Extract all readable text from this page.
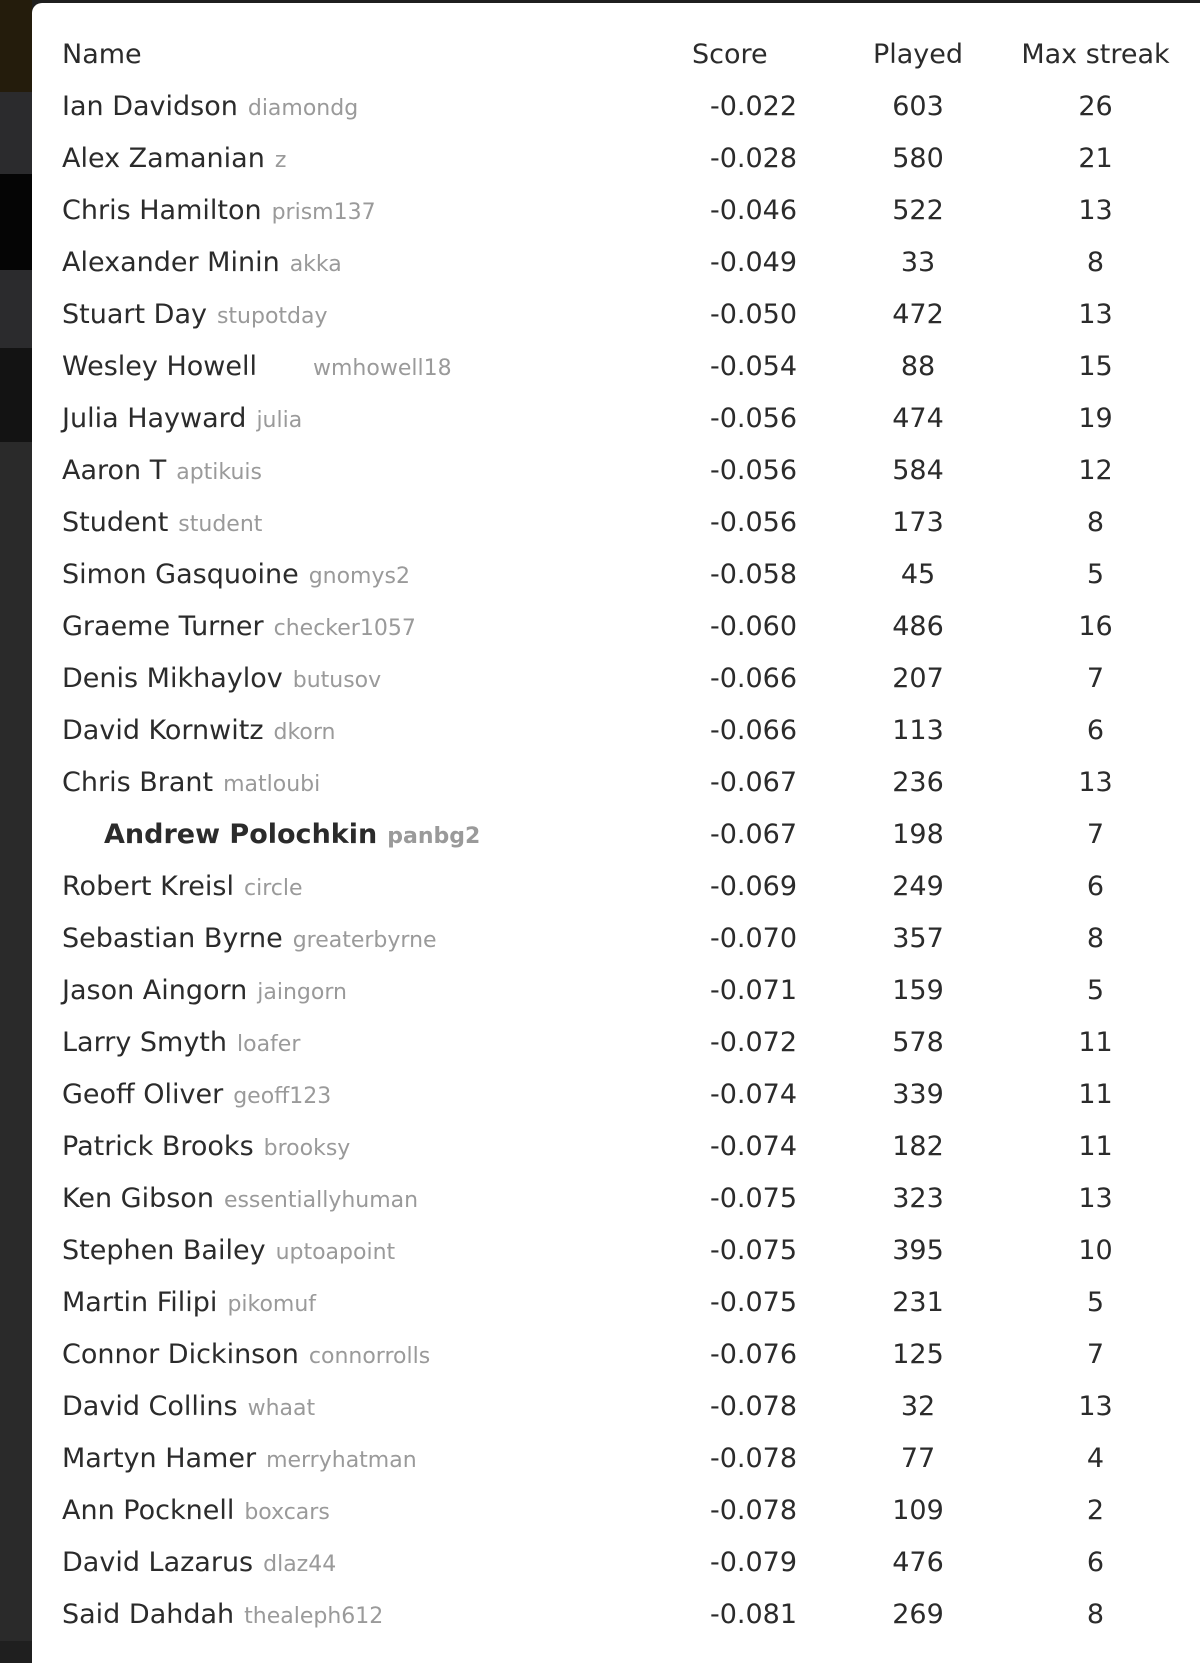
Name	Score	Played	Max streak
Ian Davidson diamondg	-0.022	603	26
Alex Zamanian z	-0.028	580	21
Chris Hamilton prism137	-0.046	522	13
Alexander Minin akka	-0.049	33	8
Stuart Day stupotday	-0.050	472	13
Wesley Howell wmhowell18	-0.054	88	15
Julia Hayward julia	-0.056	474	19
Aaron T aptikuis	-0.056	584	12
Student student	-0.056	173	8
Simon Gasquoine gnomys2	-0.058	45	5
Graeme Turner checker1057	-0.060	486	16
Denis Mikhaylov butusov	-0.066	207	7
David Kornwitz dkorn	-0.066	113	6
Chris Brant matloubi	-0.067	236	13
Andrew Polochkin panbg2	-0.067	198	7
Robert Kreisl circle	-0.069	249	6
Sebastian Byrne greaterbyrne	-0.070	357	8
Jason Aingorn jaingorn	-0.071	159	5
Larry Smyth loafer	-0.072	578	11
Geoff Oliver geoff123	-0.074	339	11
Patrick Brooks brooksy	-0.074	182	11
Ken Gibson essentiallyhuman	-0.075	323	13
Stephen Bailey uptoapoint	-0.075	395	10
Martin Filipi pikomuf	-0.075	231	5
Connor Dickinson connorrolls	-0.076	125	7
David Collins whaat	-0.078	32	13
Martyn Hamer merryhatman	-0.078	77	4
Ann Pocknell boxcars	-0.078	109	2
David Lazarus dlaz44	-0.079	476	6
Said Dahdah thealeph612	-0.081	269	8
